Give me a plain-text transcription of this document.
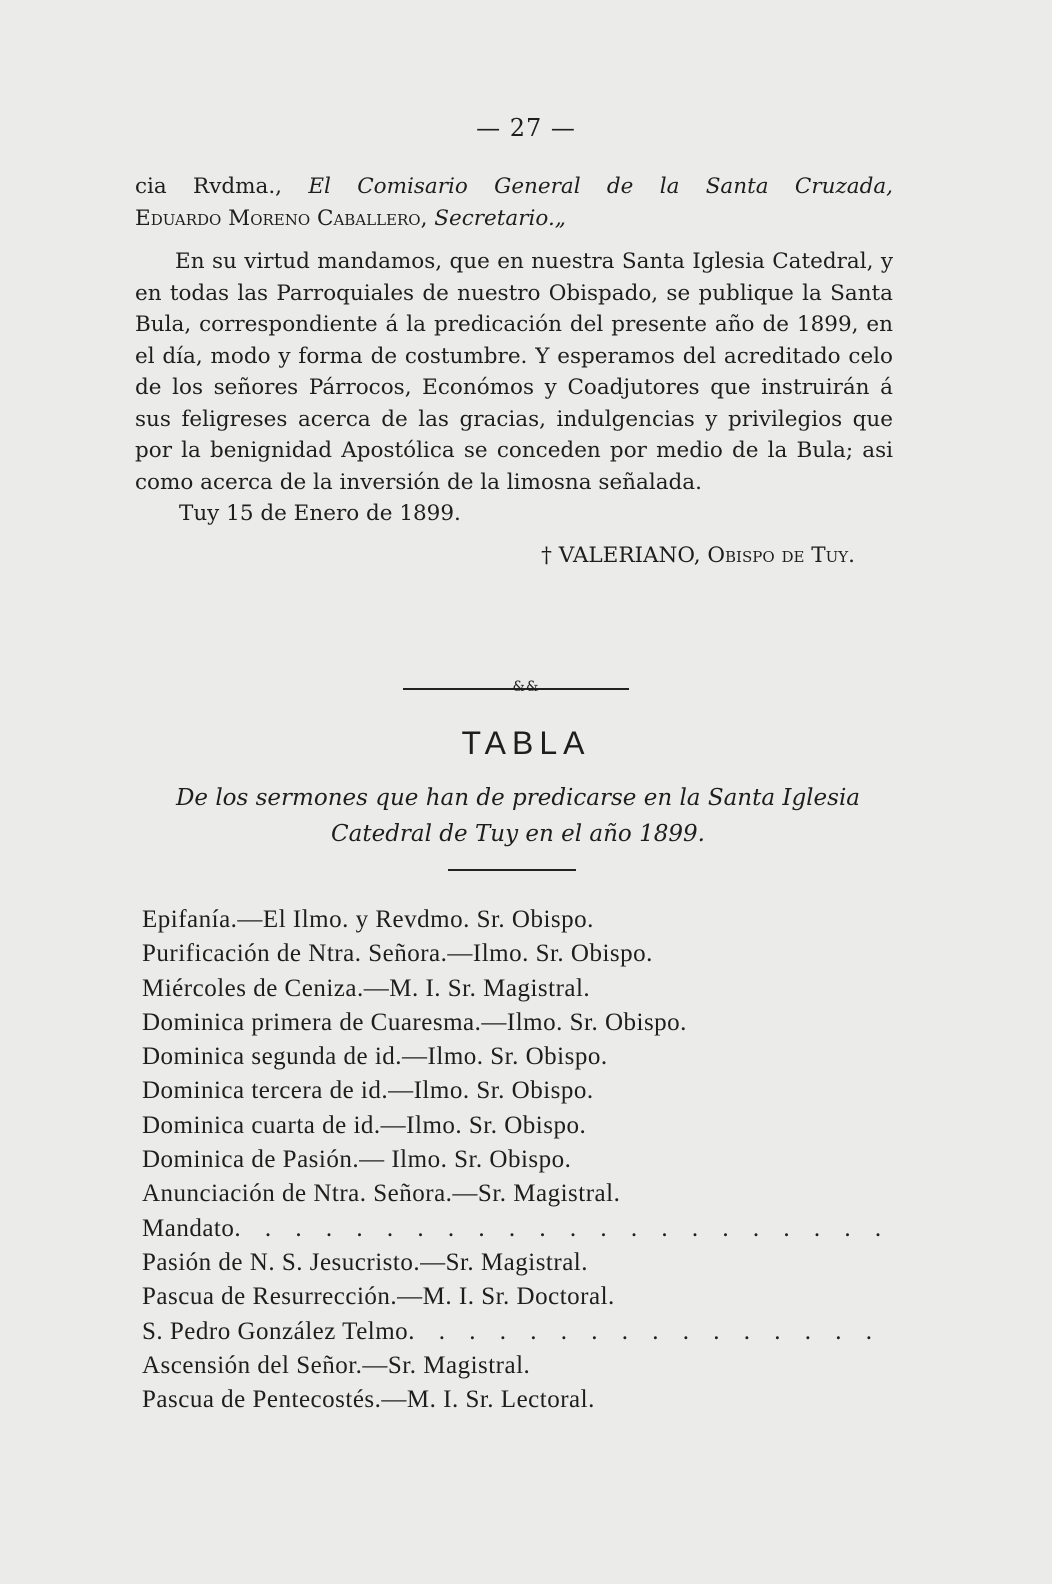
— 27 —

cia Rvdma., El Comisario General de la Santa Cruzada,

Eduardo Moreno Caballero, Secretario.„

En su virtud mandamos, que en nuestra Santa Iglesia Catedral, y en todas las Parroquiales de nuestro Obispado, se publique la Santa Bula, correspondiente á la predicación del presente año de 1899, en el día, modo y forma de costumbre. Y esperamos del acreditado celo de los señores Párrocos, Económos y Coadjutores que instruirán á sus feligreses acerca de las gracias, indulgencias y privilegios que por la benignidad Apostólica se conceden por medio de la Bula; asi como acerca de la inversión de la limosna señalada.

Tuy 15 de Enero de 1899.

† VALERIANO, Obispo de Tuy.

&&
TABLA
De los sermones que han de predicarse en la Santa Iglesia Catedral de Tuy en el año 1899.
Epifanía.—El Ilmo. y Revdmo. Sr. Obispo.
Purificación de Ntra. Señora.—Ilmo. Sr. Obispo.
Miércoles de Ceniza.—M. I. Sr. Magistral.
Dominica primera de Cuaresma.—Ilmo. Sr. Obispo.
Dominica segunda de id.—Ilmo. Sr. Obispo.
Dominica tercera de id.—Ilmo. Sr. Obispo.
Dominica cuarta de id.—Ilmo. Sr. Obispo.
Dominica de Pasión.— Ilmo. Sr. Obispo.
Anunciación de Ntra. Señora.—Sr. Magistral.
Mandato. . . . . . . . . . . . . . . . . . . . . .
Pasión de N. S. Jesucristo.—Sr. Magistral.
Pascua de Resurrección.—M. I. Sr. Doctoral.
S. Pedro González Telmo. . . . . . . . . . . . . . . .
Ascensión del Señor.—Sr. Magistral.
Pascua de Pentecostés.—M. I. Sr. Lectoral.
